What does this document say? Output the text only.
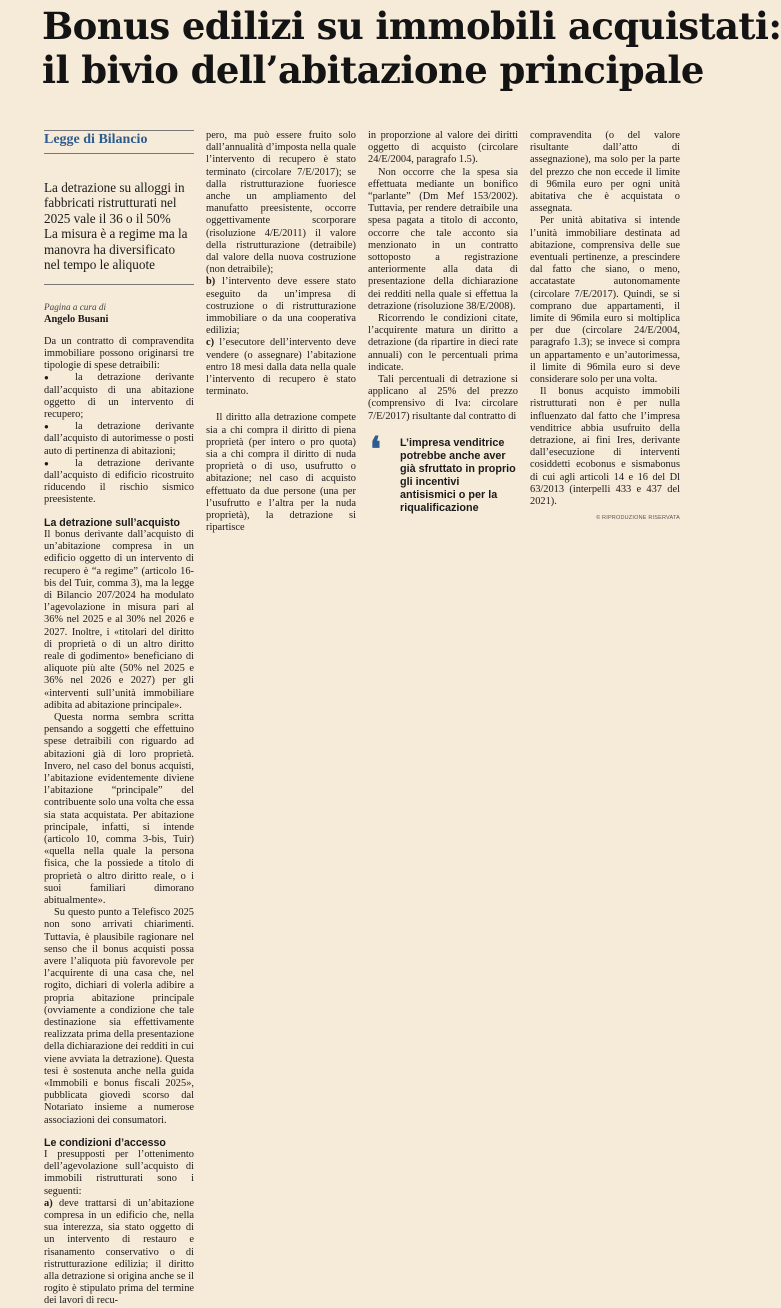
Bonus edilizi su immobili acquistati:
il bivio dell’abitazione principale

Legge di Bilancio

La detrazione su alloggi in fabbricati ristrutturati nel 2025 vale il 36 o il 50%

La misura è a regime ma la manovra ha diversificato nel tempo le aliquote

Pagina a cura di

Angelo Busani

Da un contratto di compravendita immobiliare possono originarsi tre tipologie di spese detraibili:

● la detrazione derivante dall’acquisto di una abitazione oggetto di un intervento di recupero;

● la detrazione derivante dall’acquisto di autorimesse o posti auto di pertinenza di abitazioni;

● la detrazione derivante dall’acquisto di edificio ricostruito riducendo il rischio sismico preesistente.

La detrazione sull’acquisto

Il bonus derivante dall’acquisto di un’abitazione compresa in un edificio oggetto di un intervento di recupero è “a regime” (articolo 16-bis del Tuir, comma 3), ma la legge di Bilancio 207/2024 ha modulato l’agevolazione in misura pari al 36% nel 2025 e al 30% nel 2026 e 2027. Inoltre, i «titolari del diritto di proprietà o di un altro diritto reale di godimento» beneficiano di aliquote più alte (50% nel 2025 e 36% nel 2026 e 2027) per gli «interventi sull’unità immobiliare adibita ad abitazione principale».

Questa norma sembra scritta pensando a soggetti che effettuino spese detraibili con riguardo ad abitazioni già di loro proprietà. Invero, nel caso del bonus acquisti, l’abitazione evidentemente diviene l’abitazione “principale” del contribuente solo una volta che essa sia stata acquistata. Per abitazione principale, infatti, si intende (articolo 10, comma 3-bis, Tuir) «quella nella quale la persona fisica, che la possiede a titolo di proprietà o altro diritto reale, o i suoi familiari dimorano abitualmente».

Su questo punto a Telefisco 2025 non sono arrivati chiarimenti. Tuttavia, è plausibile ragionare nel senso che il bonus acquisti possa avere l’aliquota più favorevole per l’acquirente di una casa che, nel rogito, dichiari di volerla adibire a propria abitazione principale (ovviamente a condizione che tale destinazione sia effettivamente realizzata prima della presentazione della dichiarazione dei redditi in cui viene avviata la detrazione). Questa tesi è sostenuta anche nella guida «Immobili e bonus fiscali 2025», pubblicata giovedì scorso dal Notariato insieme a numerose associazioni dei consumatori.

Le condizioni d’accesso

I presupposti per l’ottenimento dell’agevolazione sull’acquisto di immobili ristrutturati sono i seguenti:

a) deve trattarsi di un’abitazione compresa in un edificio che, nella sua interezza, sia stato oggetto di un intervento di restauro e risanamento conservativo o di ristrutturazione edilizia; il diritto alla detrazione si origina anche se il rogito è stipulato prima del termine dei lavori di recu-

pero, ma può essere fruito solo dall’annualità d’imposta nella quale l’intervento di recupero è stato terminato (circolare 7/E/2017); se dalla ristrutturazione fuoriesce anche un ampliamento del manufatto preesistente, occorre oggettivamente scorporare (risoluzione 4/E/2011) il valore della ristrutturazione (detraibile) dal valore della nuova costruzione (non detraibile);

b) l’intervento deve essere stato eseguito da un’impresa di costruzione o di ristrutturazione immobiliare o da una cooperativa edilizia;

c) l’esecutore dell’intervento deve vendere (o assegnare) l’abitazione entro 18 mesi dalla data nella quale l’intervento di recupero è stato terminato.

Il diritto alla detrazione compete sia a chi compra il diritto di piena proprietà (per intero o pro quota) sia a chi compra il diritto di nuda proprietà o di uso, usufrutto o abitazione; nel caso di acquisto effettuato da due persone (una per l’usufrutto e l’altra per la nuda proprietà), la detrazione si ripartisce

in proporzione al valore dei diritti oggetto di acquisto (circolare 24/E/2004, paragrafo 1.5).

Non occorre che la spesa sia effettuata mediante un bonifico “parlante” (Dm Mef 153/2002). Tuttavia, per rendere detraibile una spesa pagata a titolo di acconto, occorre che tale acconto sia menzionato in un contratto sottoposto a registrazione anteriormente alla data di presentazione della dichiarazione dei redditi nella quale si effettua la detrazione (risoluzione 38/E/2008).

Ricorrendo le condizioni citate, l’acquirente matura un diritto a detrazione (da ripartire in dieci rate annuali) con le percentuali prima indicate.

Tali percentuali di detrazione si applicano al 25% del prezzo (comprensivo di Iva: circolare 7/E/2017) risultante dal contratto di

❛	L’impresa venditrice potrebbe anche aver già sfruttato in proprio gli incentivi antisismici o per la riqualificazione

compravendita (o del valore risultante dall’atto di assegnazione), ma solo per la parte del prezzo che non eccede il limite di 96mila euro per ogni unità abitativa che è acquistata o assegnata.

Per unità abitativa si intende l’unità immobiliare destinata ad abitazione, comprensiva delle sue eventuali pertinenze, a prescindere dal fatto che siano, o meno, accatastate autonomamente (circolare 7/E/2017). Quindi, se si comprano due appartamenti, il limite di 96mila euro si moltiplica per due (circolare 24/E/2004, paragrafo 1.3); se invece si compra un appartamento e un’autorimessa, il limite di 96mila euro si deve considerare solo per una volta.

Il bonus acquisto immobili ristrutturati non è per nulla influenzato dal fatto che l’impresa venditrice abbia usufruito della detrazione, ai fini Ires, derivante dall’esecuzione di interventi cosiddetti ecobonus e sismabonus di cui agli articoli 14 e 16 del Dl 63/2013 (interpelli 433 e 437 del 2021).

© RIPRODUZIONE RISERVATA
